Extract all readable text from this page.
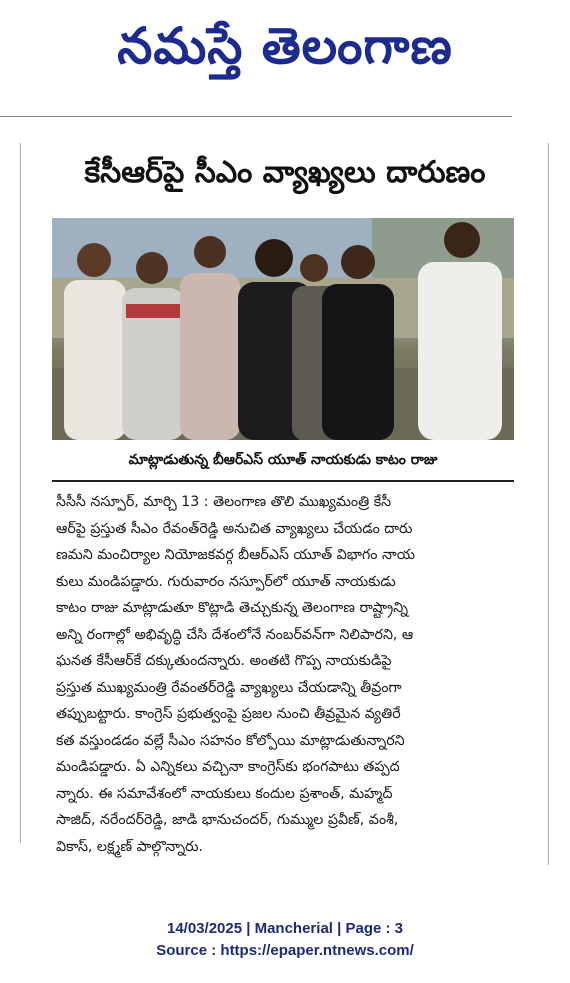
నమస్తే తెలంగాణ
కేసీఆర్‌పై సీఎం వ్యాఖ్యలు దారుణం
మాట్లాడుతున్న బీఆర్‌ఎస్‌ యూత్‌ నాయకుడు కాటం రాజు
సీసీసీ నస్పూర్‌, మార్చి 13 : తెలంగాణ తొలి ముఖ్యమంత్రి కేసీ
ఆర్‌పై ప్రస్తుత సీఎం రేవంత్‌రెడ్డి అనుచిత వ్యాఖ్యలు చేయడం దారు
ణమని మంచిర్యాల నియోజకవర్గ బీఆర్‌ఎస్‌ యూత్‌ విభాగం నాయ
కులు మండిపడ్డారు. గురువారం నస్పూర్‌లో యూత్‌ నాయకుడు
కాటం రాజు మాట్లాడుతూ కొట్లాడి తెచ్చుకున్న తెలంగాణ రాష్ట్రాన్ని
అన్ని రంగాల్లో అభివృద్ధి చేసి దేశంలోనే నంబర్‌వన్‌గా నిలిపారని, ఆ
ఘనత కేసీఆర్‌కే దక్కుతుందన్నారు. అంతటి గొప్ప నాయకుడిపై
ప్రస్తుత ముఖ్యమంత్రి రేవంతర్‌రెడ్డి వ్యాఖ్యలు చేయడాన్ని తీవ్రంగా
తప్పుబట్టారు. కాంగ్రెస్‌ ప్రభుత్వంపై ప్రజల నుంచి తీవ్రమైన వ్యతిరే
కత వస్తుండడం వల్లే సీఎం సహనం కోల్పోయి మాట్లాడుతున్నారని
మండిపడ్డారు. ఏ ఎన్నికలు వచ్చినా కాంగ్రెస్‌కు భంగపాటు తప్పద
న్నారు. ఈ సమావేశంలో నాయకులు కందుల ప్రశాంత్‌, మహ్మద్‌
సాజిద్‌, నరేందర్‌రెడ్డి, జాడి భానుచందర్‌, గుమ్ముల ప్రవీణ్‌, వంశీ,
వికాస్‌, లక్ష్మణ్‌ పాల్గొన్నారు.
14/03/2025 | Mancherial | Page : 3
Source : https://epaper.ntnews.com/
